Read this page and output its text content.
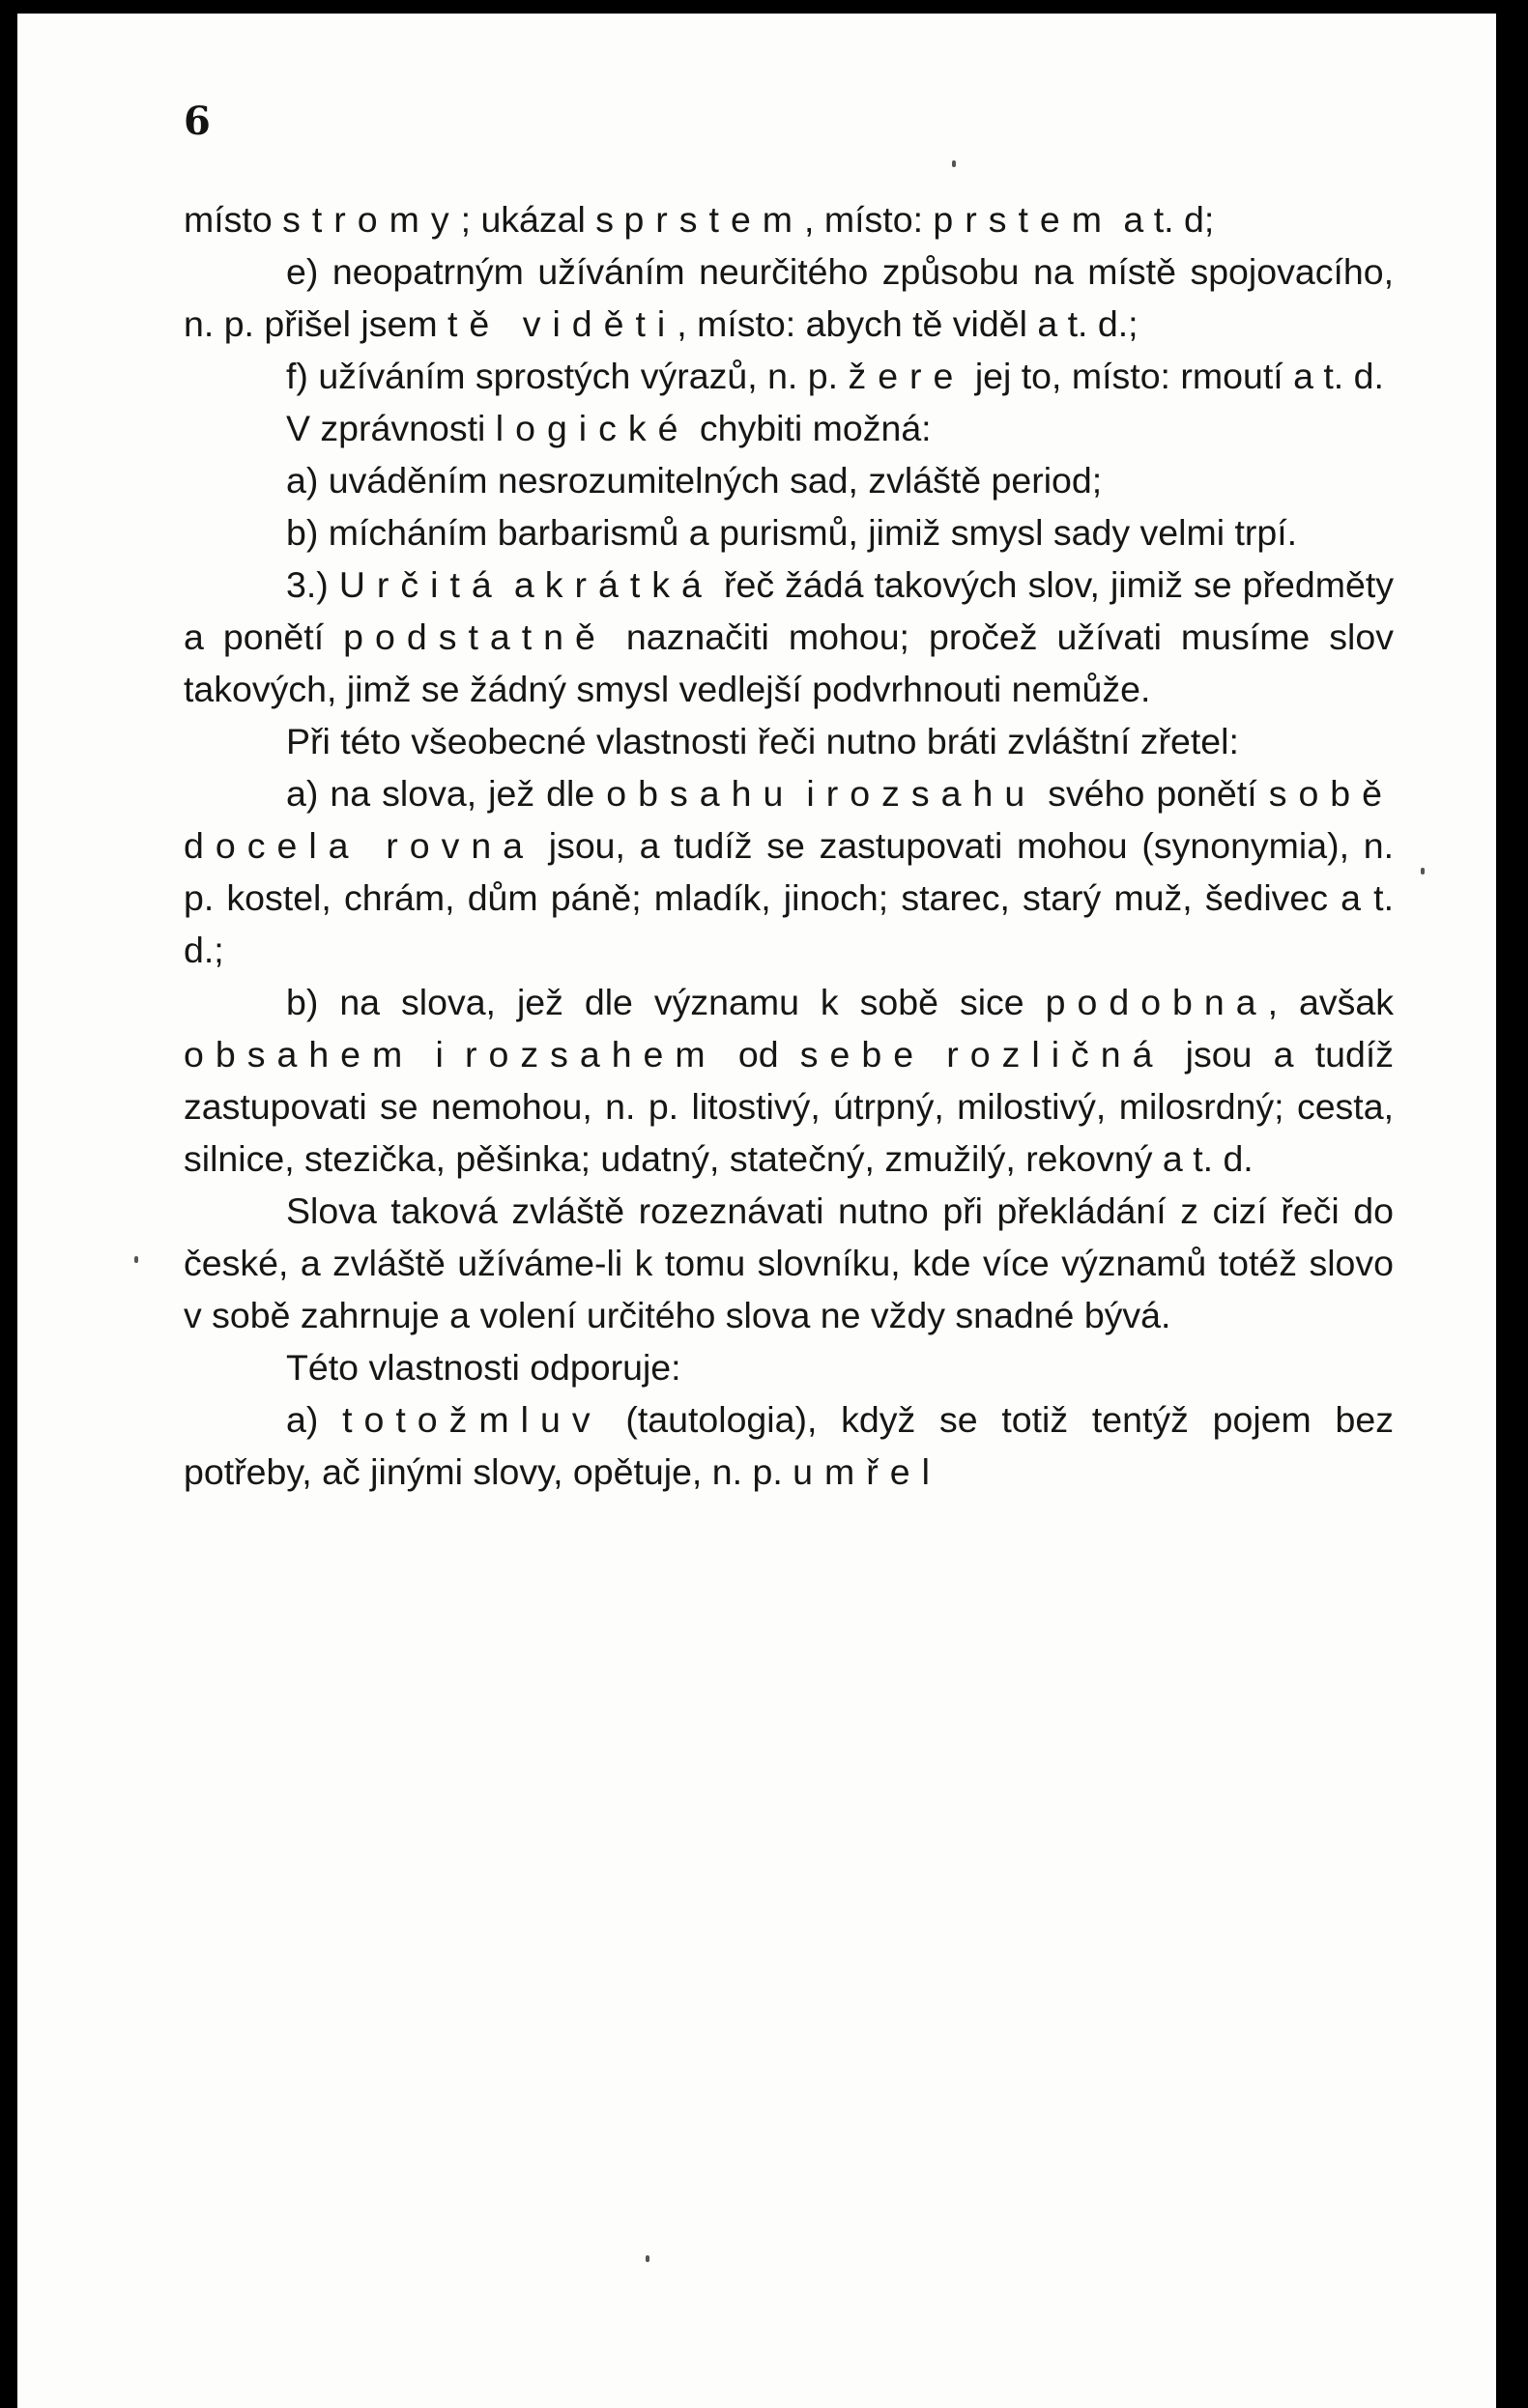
6

místo stromy; ukázal s prstem, místo: prstem a t. d;

e) neopatrným užíváním neurčitého způsobu na místě spojovacího, n. p. přišel jsem tě viděti, místo: abych tě viděl a t. d.;

f) užíváním sprostých výrazů, n. p. žere jej to, místo: rmoutí a t. d.

V zprávnosti logické chybiti možná:

a) uváděním nesrozumitelných sad, zvláště period;

b) mícháním barbarismů a purismů, jimiž smysl sady velmi trpí.

3.) Určitá a krátká řeč žádá takových slov, jimiž se předměty a ponětí podstatně naznačiti mohou; pročež užívati musíme slov takových, jimž se žádný smysl vedlejší podvrhnouti nemůže.

Při této všeobecné vlastnosti řeči nutno bráti zvláštní zřetel:

a) na slova, jež dle obsahu i rozsahu svého ponětí sobě docela rovna jsou, a tudíž se zastupovati mohou (synonymia), n. p. kostel, chrám, dům páně; mladík, jinoch; starec, starý muž, šedivec a t. d.;

b) na slova, jež dle významu k sobě sice podobna, avšak obsahem i rozsahem od sebe rozličná jsou a tudíž zastupovati se nemohou, n. p. litostivý, útrpný, milostivý, milosrdný; cesta, silnice, stezička, pěšinka; udatný, statečný, zmužilý, rekovný a t. d.

Slova taková zvláště rozeznávati nutno při překládání z cizí řeči do české, a zvláště užíváme-li k tomu slovníku, kde více významů totéž slovo v sobě zahrnuje a volení určitého slova ne vždy snadné bývá.

Této vlastnosti odporuje:

a) totožmluv (tautologia), když se totiž tentýž pojem bez potřeby, ač jinými slovy, opětuje, n. p. umřel
